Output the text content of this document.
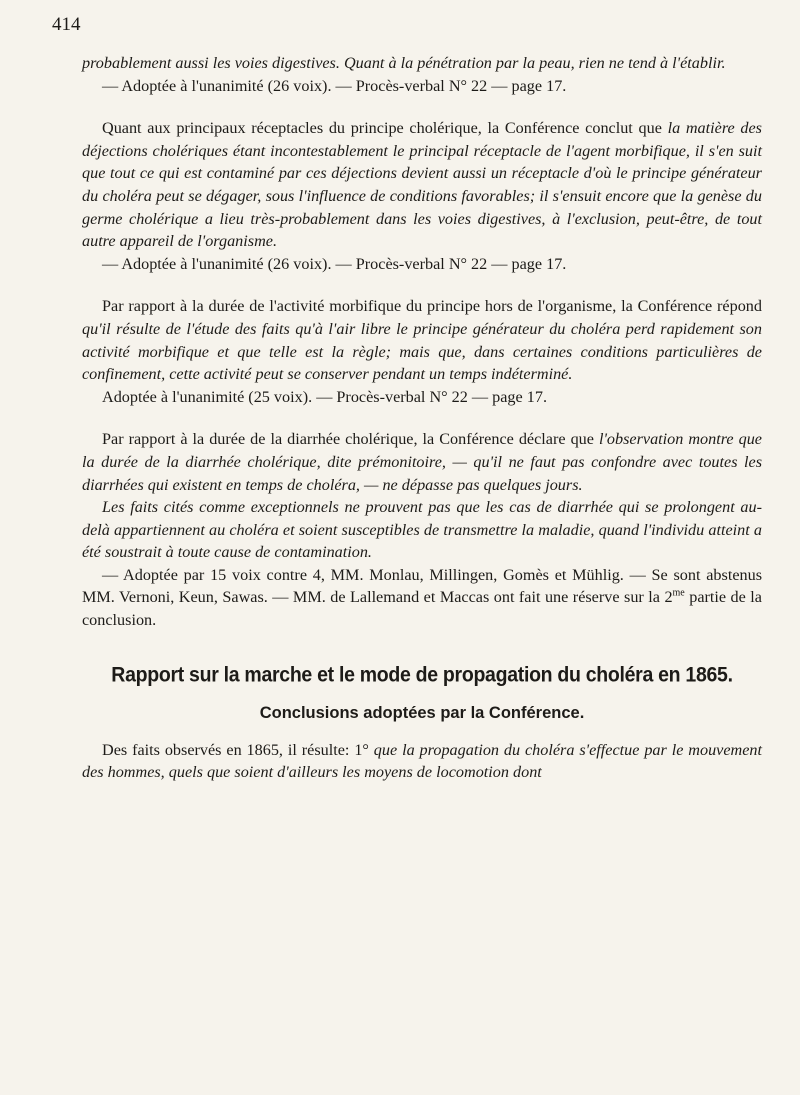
414

probablement aussi les voies digestives. Quant à la pénétration par la peau, rien ne tend à l'établir.

— Adoptée à l'unanimité (26 voix). — Procès-verbal N° 22 — page 17.

Quant aux principaux réceptacles du principe cholérique, la Conférence conclut que la matière des déjections cholériques étant incontestablement le principal réceptacle de l'agent morbifique, il s'en suit que tout ce qui est contaminé par ces déjections devient aussi un réceptacle d'où le principe générateur du choléra peut se dégager, sous l'influence de conditions favorables; il s'ensuit encore que la genèse du germe cholérique a lieu très-probablement dans les voies digestives, à l'exclusion, peut-être, de tout autre appareil de l'organisme.

— Adoptée à l'unanimité (26 voix). — Procès-verbal N° 22 — page 17.

Par rapport à la durée de l'activité morbifique du principe hors de l'organisme, la Conférence répond qu'il résulte de l'étude des faits qu'à l'air libre le principe générateur du choléra perd rapidement son activité morbifique et que telle est la règle; mais que, dans certaines conditions particulières de confinement, cette activité peut se conserver pendant un temps indéterminé.

Adoptée à l'unanimité (25 voix). — Procès-verbal N° 22 — page 17.

Par rapport à la durée de la diarrhée cholérique, la Conférence déclare que l'observation montre que la durée de la diarrhée cholérique, dite prémonitoire, — qu'il ne faut pas confondre avec toutes les diarrhées qui existent en temps de choléra, — ne dépasse pas quelques jours.

Les faits cités comme exceptionnels ne prouvent pas que les cas de diarrhée qui se prolongent au-delà appartiennent au choléra et soient susceptibles de transmettre la maladie, quand l'individu atteint a été soustrait à toute cause de contamination.

— Adoptée par 15 voix contre 4, MM. Monlau, Millingen, Gomès et Mühlig. — Se sont abstenus MM. Vernoni, Keun, Sawas. — MM. de Lallemand et Maccas ont fait une réserve sur la $2^{me}$ partie de la conclusion.

Rapport sur la marche et le mode de propagation du choléra en 1865.

Conclusions adoptées par la Conférence.

Des faits observés en 1865, il résulte: 1° que la propagation du choléra s'effectue par le mouvement des hommes, quels que soient d'ailleurs les moyens de locomotion dont
